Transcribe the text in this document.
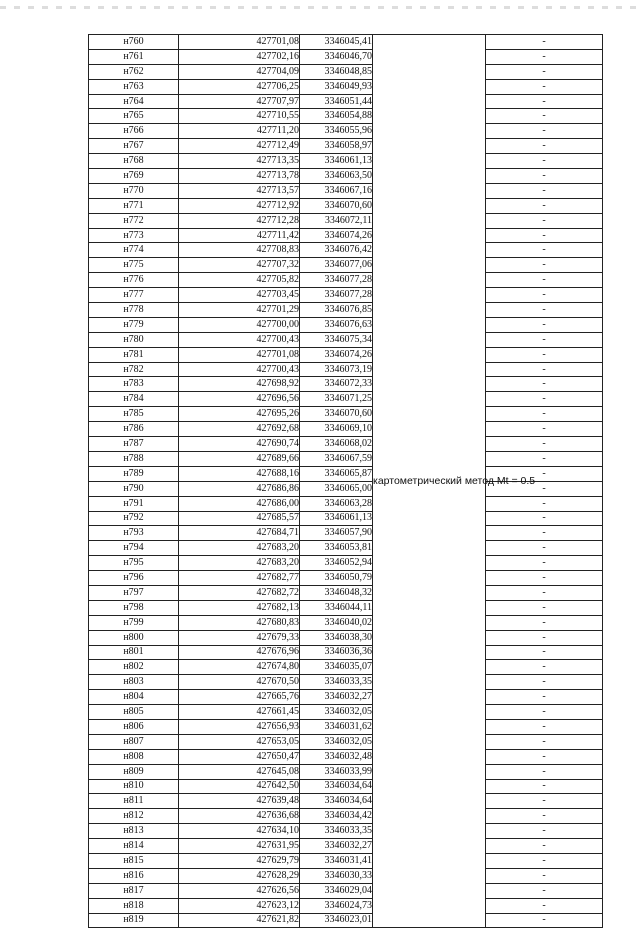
н760	427701,08	3346045,41	картометрический метод Mt = 0.5	-
н761	427702,16	3346046,70		-
н762	427704,09	3346048,85		-
н763	427706,25	3346049,93		-
н764	427707,97	3346051,44		-
н765	427710,55	3346054,88		-
н766	427711,20	3346055,96		-
н767	427712,49	3346058,97		-
н768	427713,35	3346061,13		-
н769	427713,78	3346063,50		-
н770	427713,57	3346067,16		-
н771	427712,92	3346070,60		-
н772	427712,28	3346072,11		-
н773	427711,42	3346074,26		-
н774	427708,83	3346076,42		-
н775	427707,32	3346077,06		-
н776	427705,82	3346077,28		-
н777	427703,45	3346077,28		-
н778	427701,29	3346076,85		-
н779	427700,00	3346076,63		-
н780	427700,43	3346075,34		-
н781	427701,08	3346074,26		-
н782	427700,43	3346073,19		-
н783	427698,92	3346072,33		-
н784	427696,56	3346071,25		-
н785	427695,26	3346070,60		-
н786	427692,68	3346069,10		-
н787	427690,74	3346068,02		-
н788	427689,66	3346067,59		-
н789	427688,16	3346065,87		-
н790	427686,86	3346065,00		-
н791	427686,00	3346063,28		-
н792	427685,57	3346061,13		-
н793	427684,71	3346057,90		-
н794	427683,20	3346053,81		-
н795	427683,20	3346052,94		-
н796	427682,77	3346050,79		-
н797	427682,72	3346048,32		-
н798	427682,13	3346044,11		-
н799	427680,83	3346040,02		-
н800	427679,33	3346038,30		-
н801	427676,96	3346036,36		-
н802	427674,80	3346035,07		-
н803	427670,50	3346033,35		-
н804	427665,76	3346032,27		-
н805	427661,45	3346032,05		-
н806	427656,93	3346031,62		-
н807	427653,05	3346032,05		-
н808	427650,47	3346032,48		-
н809	427645,08	3346033,99		-
н810	427642,50	3346034,64		-
н811	427639,48	3346034,64		-
н812	427636,68	3346034,42		-
н813	427634,10	3346033,35		-
н814	427631,95	3346032,27		-
н815	427629,79	3346031,41		-
н816	427628,29	3346030,33		-
н817	427626,56	3346029,04		-
н818	427623,12	3346024,73		-
н819	427621,82	3346023,01		-
